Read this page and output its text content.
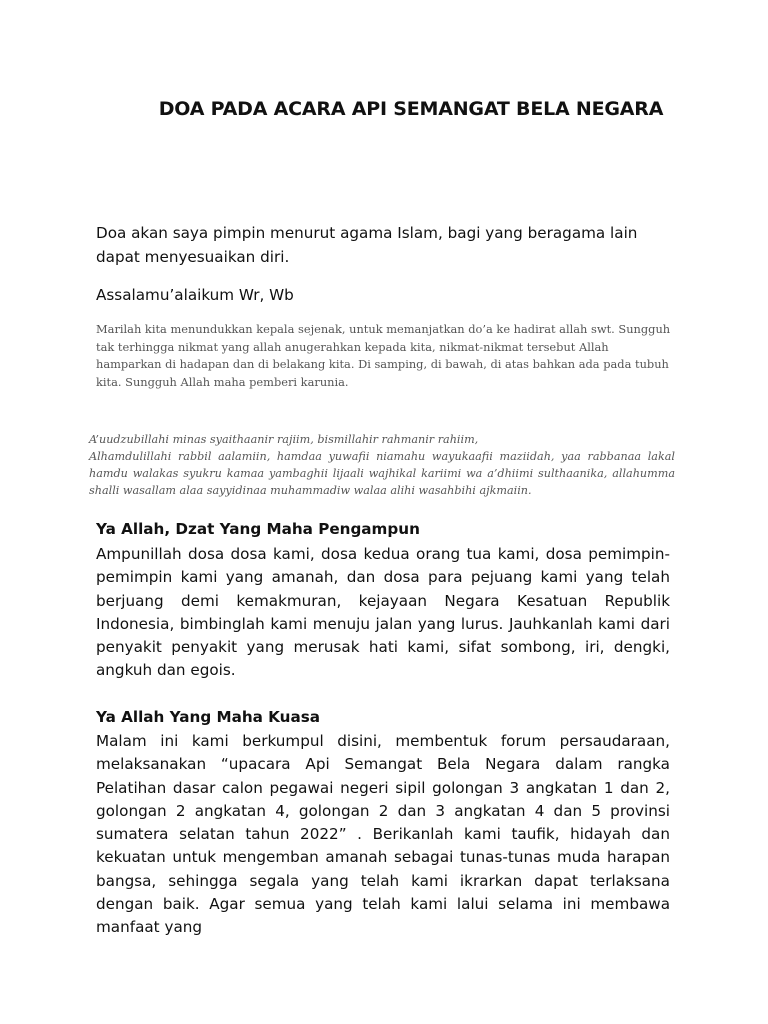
DOA PADA ACARA API SEMANGAT BELA NEGARA

Doa akan saya pimpin menurut agama Islam, bagi yang beragama lain dapat menyesuaikan diri.

Assalamu’alaikum Wr, Wb

Marilah kita menundukkan kepala sejenak, untuk memanjatkan do’a ke hadirat allah swt. Sungguh tak terhingga nikmat yang allah anugerahkan kepada kita, nikmat-nikmat tersebut Allah hamparkan di hadapan dan di belakang kita. Di samping, di bawah, di atas bahkan ada pada tubuh kita. Sungguh Allah maha pemberi karunia.

A’uudzubillahi minas syaithaanir rajiim, bismillahir rahmanir rahiim,
Alhamdulillahi rabbil aalamiin, hamdaa yuwafii niamahu wayukaafii maziidah, yaa rabbanaa lakal hamdu walakas syukru kamaa yambaghii lijaali wajhikal kariimi wa a’dhiimi sulthaanika, allahumma shalli wasallam alaa sayyidinaa muhammadiw walaa alihi wasahbihi ajkmaiin.

Ya Allah, Dzat Yang Maha Pengampun

Ampunillah dosa dosa kami, dosa kedua orang tua kami, dosa pemimpin-pemimpin kami yang amanah, dan dosa para pejuang kami yang telah berjuang demi kemakmuran, kejayaan Negara Kesatuan Republik Indonesia, bimbinglah kami menuju jalan yang lurus. Jauhkanlah kami dari penyakit penyakit yang merusak hati kami, sifat sombong, iri, dengki, angkuh dan egois.

Ya Allah Yang Maha Kuasa

Malam ini kami berkumpul disini, membentuk forum persaudaraan, melaksanakan “upacara Api Semangat Bela Negara dalam rangka Pelatihan dasar calon pegawai negeri sipil golongan 3 angkatan 1 dan 2, golongan 2 angkatan 4, golongan 2 dan 3 angkatan 4 dan 5 provinsi sumatera selatan tahun 2022” . Berikanlah kami taufik, hidayah dan kekuatan untuk mengemban amanah sebagai tunas-tunas muda harapan bangsa, sehingga segala yang telah kami ikrarkan dapat terlaksana dengan baik. Agar semua yang telah kami lalui selama ini membawa manfaat yang
